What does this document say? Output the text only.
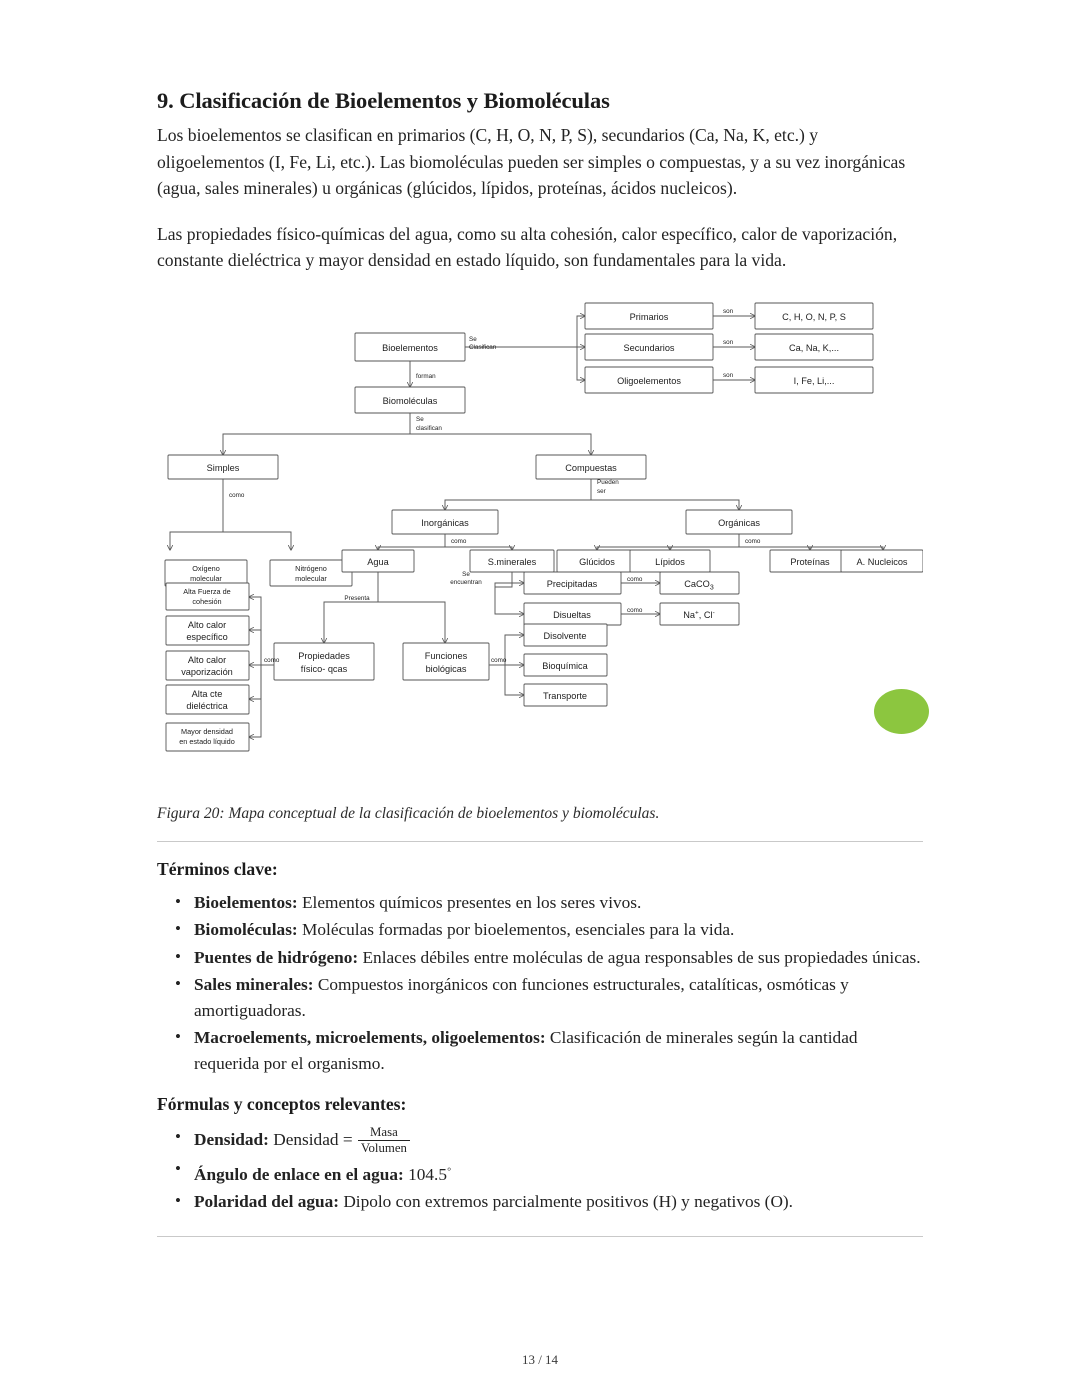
9. Clasificación de Bioelementos y Biomoléculas

Los bioelementos se clasifican en primarios (C, H, O, N, P, S), secundarios (Ca, Na, K, etc.) y oligoelementos (I, Fe, Li, etc.). Las biomoléculas pueden ser simples o compuestas, y a su vez inorgánicas (agua, sales minerales) u orgánicas (glúcidos, lípidos, proteínas, ácidos nucleicos).

Las propiedades físico-químicas del agua, como su alta cohesión, calor específico, calor de vaporización, constante dieléctrica y mayor densidad en estado líquido, son fundamentales para la vida.

Bioelementos
Primarios
Secundarios
Oligoelementos
C, H, O, N, P, S
Ca, Na, K,...
I, Fe, Li,...
Biomoléculas
Simples	Compuestas
Inorgánicas	Orgánicas
Oxígeno
molecular
Nitrógeno
molecular
Agua	S.minerales	Glúcidos	Lípidos	Proteínas	A. Nucleicos
Alta Fuerza de
cohesión
Alto calor
específico
Alto calor
vaporización
Alta cte
dieléctrica
Mayor densidad
en estado líquido
Propiedades
físico- qcas
Funciones
biológicas
Precipitadas
Disueltas
CaCO$_3$
Na+, Cl-
Disolvente
Bioquímica
Transporte
Se
Clasifican
son
son
son
forman
Se
clasifican
como
Pueden
ser
como	como
Presenta
como	como
Se
encuentran	como
como
Figura 20: Mapa conceptual de la clasificación de bioelementos y biomoléculas.
Términos clave:
• Bioelementos: Elementos químicos presentes en los seres vivos.
• Biomoléculas: Moléculas formadas por bioelementos, esenciales para la vida.
• Puentes de hidrógeno: Enlaces débiles entre moléculas de agua responsables de sus propiedades únicas.
• Sales minerales: Compuestos inorgánicos con funciones estructurales, catalíticas, osmóticas y amortiguadoras.
• Macroelements, microelements, oligoelementos: Clasificación de minerales según la cantidad requerida por el organismo.
Fórmulas y conceptos relevantes:
• Densidad: Densidad = $\frac{\text{Masa}}{\text{Volumen}}$
• Ángulo de enlace en el agua: 104.5◦
• Polaridad del agua: Dipolo con extremos parcialmente positivos (H) y negativos (O).
13 / 14
